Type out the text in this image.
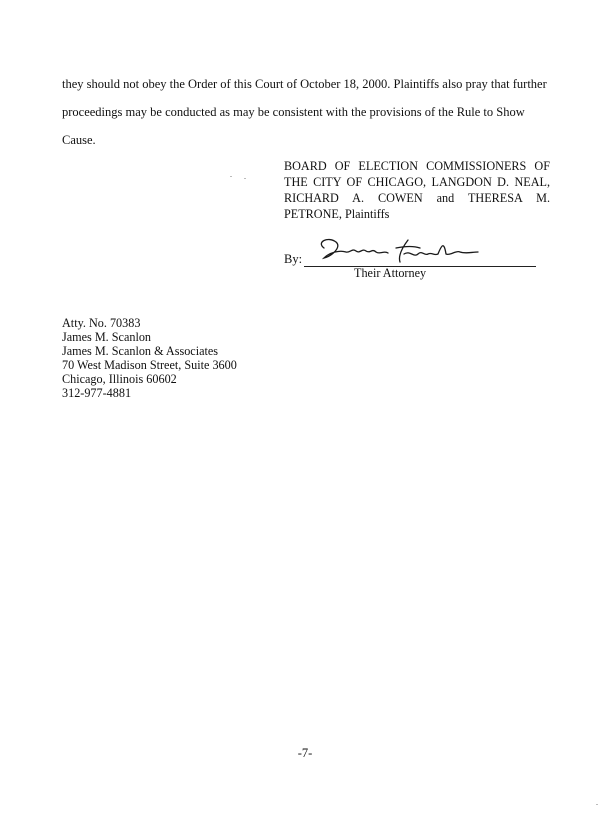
they should not obey the Order of this Court of October 18, 2000. Plaintiffs also pray that further
proceedings may be conducted as may be consistent with the provisions of the Rule to Show
Cause.

BOARD OF ELECTION COMMISSIONERS OF THE CITY OF CHICAGO, LANGDON D. NEAL, RICHARD A. COWEN and THERESA M. PETRONE, Plaintiffs

By:
Their Attorney

Atty. No. 70383
James M. Scanlon
James M. Scanlon & Associates
70 West Madison Street, Suite 3600
Chicago, Illinois 60602
312-977-4881

-7-
